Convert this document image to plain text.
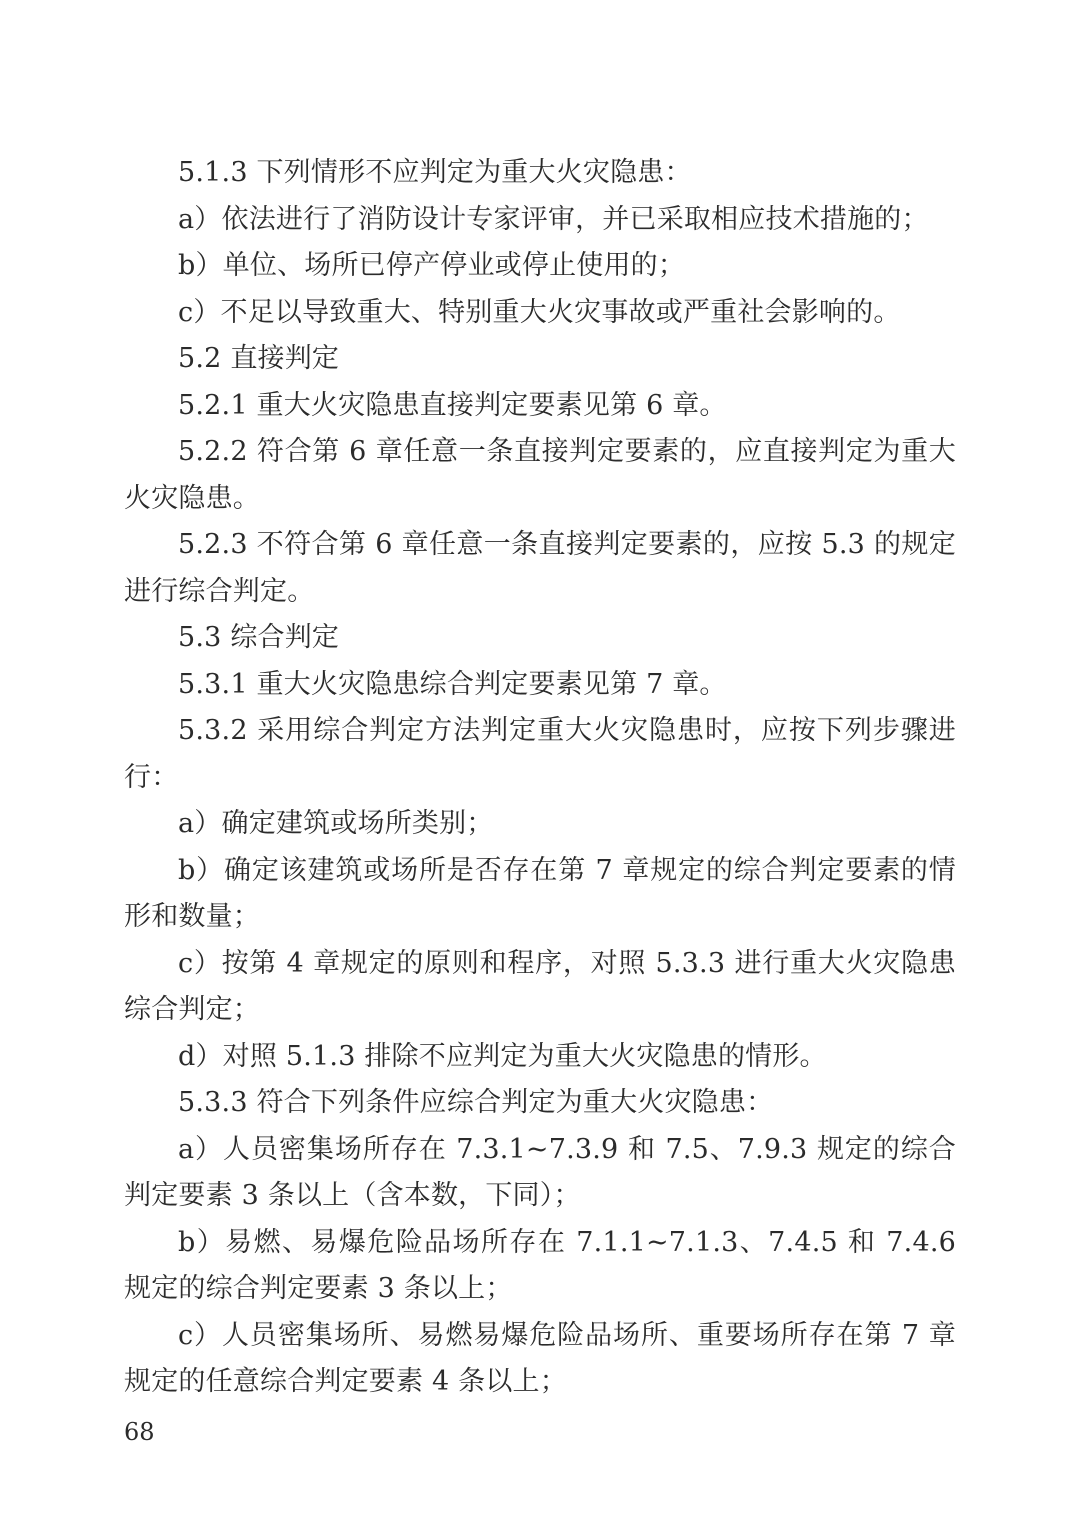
5.1.3 下列情形不应判定为重大火灾隐患：

a）依法进行了消防设计专家评审，并已采取相应技术措施的；

b）单位、场所已停产停业或停止使用的；

c）不足以导致重大、特别重大火灾事故或严重社会影响的。

5.2 直接判定

5.2.1 重大火灾隐患直接判定要素见第 6 章。

5.2.2 符合第 6 章任意一条直接判定要素的，应直接判定为重大火灾隐患。

5.2.3 不符合第 6 章任意一条直接判定要素的，应按 5.3 的规定进行综合判定。

5.3 综合判定

5.3.1 重大火灾隐患综合判定要素见第 7 章。

5.3.2 采用综合判定方法判定重大火灾隐患时，应按下列步骤进行：

a）确定建筑或场所类别；

b）确定该建筑或场所是否存在第 7 章规定的综合判定要素的情形和数量；

c）按第 4 章规定的原则和程序，对照 5.3.3 进行重大火灾隐患综合判定；

d）对照 5.1.3 排除不应判定为重大火灾隐患的情形。

5.3.3 符合下列条件应综合判定为重大火灾隐患：

a）人员密集场所存在 7.3.1~7.3.9 和 7.5、7.9.3 规定的综合判定要素 3 条以上（含本数，下同）；

b）易燃、易爆危险品场所存在 7.1.1~7.1.3、7.4.5 和 7.4.6 规定的综合判定要素 3 条以上；

c）人员密集场所、易燃易爆危险品场所、重要场所存在第 7 章规定的任意综合判定要素 4 条以上；

68
